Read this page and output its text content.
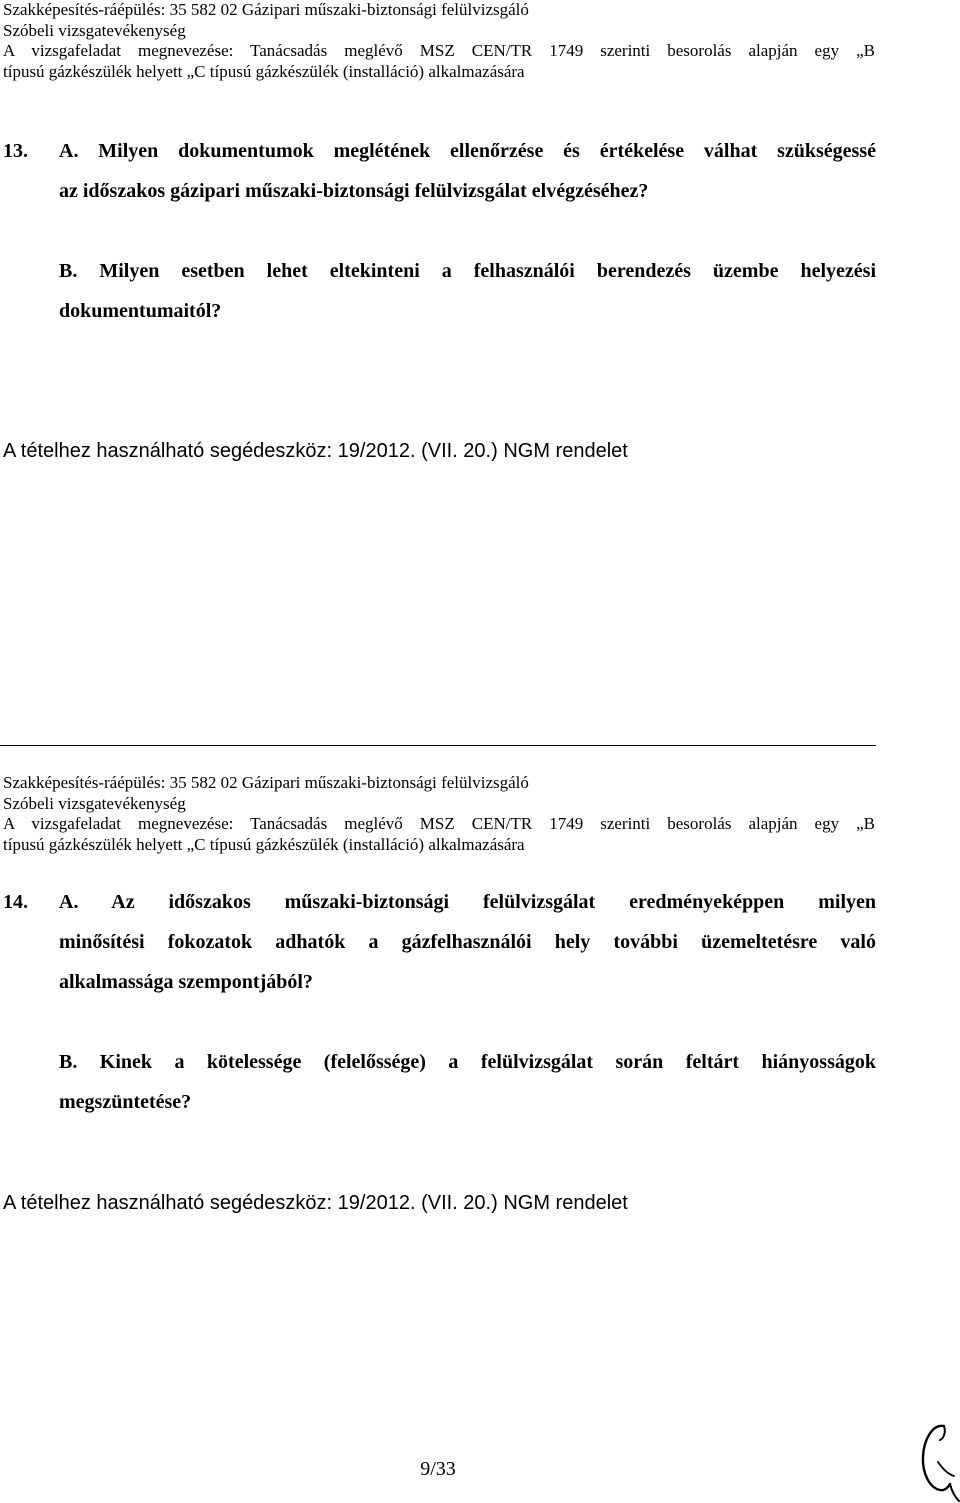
Szakképesítés-ráépülés: 35 582 02 Gázipari műszaki-biztonsági felülvizsgáló
Szóbeli vizsgatevékenység
A vizsgafeladat megnevezése: Tanácsadás meglévő MSZ CEN/TR 1749 szerinti besorolás alapján egy „B
típusú gázkészülék helyett „C típusú gázkészülék (installáció) alkalmazására
13.	A. Milyen dokumentumok meglétének ellenőrzése és értékelése válhat szükségessé
az időszakos gázipari műszaki-biztonsági felülvizsgálat elvégzéséhez?
B. Milyen esetben lehet eltekinteni a felhasználói berendezés üzembe helyezési
dokumentumaitól?
A tételhez használható segédeszköz: 19/2012. (VII. 20.) NGM rendelet
Szakképesítés-ráépülés: 35 582 02 Gázipari műszaki-biztonsági felülvizsgáló
Szóbeli vizsgatevékenység
A vizsgafeladat megnevezése: Tanácsadás meglévő MSZ CEN/TR 1749 szerinti besorolás alapján egy „B
típusú gázkészülék helyett „C típusú gázkészülék (installáció) alkalmazására
14.	A. Az időszakos műszaki-biztonsági felülvizsgálat eredményeképpen milyen
minősítési fokozatok adhatók a gázfelhasználói hely további üzemeltetésre való
alkalmassága szempontjából?
B. Kinek a kötelessége (felelőssége) a felülvizsgálat során feltárt hiányosságok
megszüntetése?
A tételhez használható segédeszköz: 19/2012. (VII. 20.) NGM rendelet
9/33
